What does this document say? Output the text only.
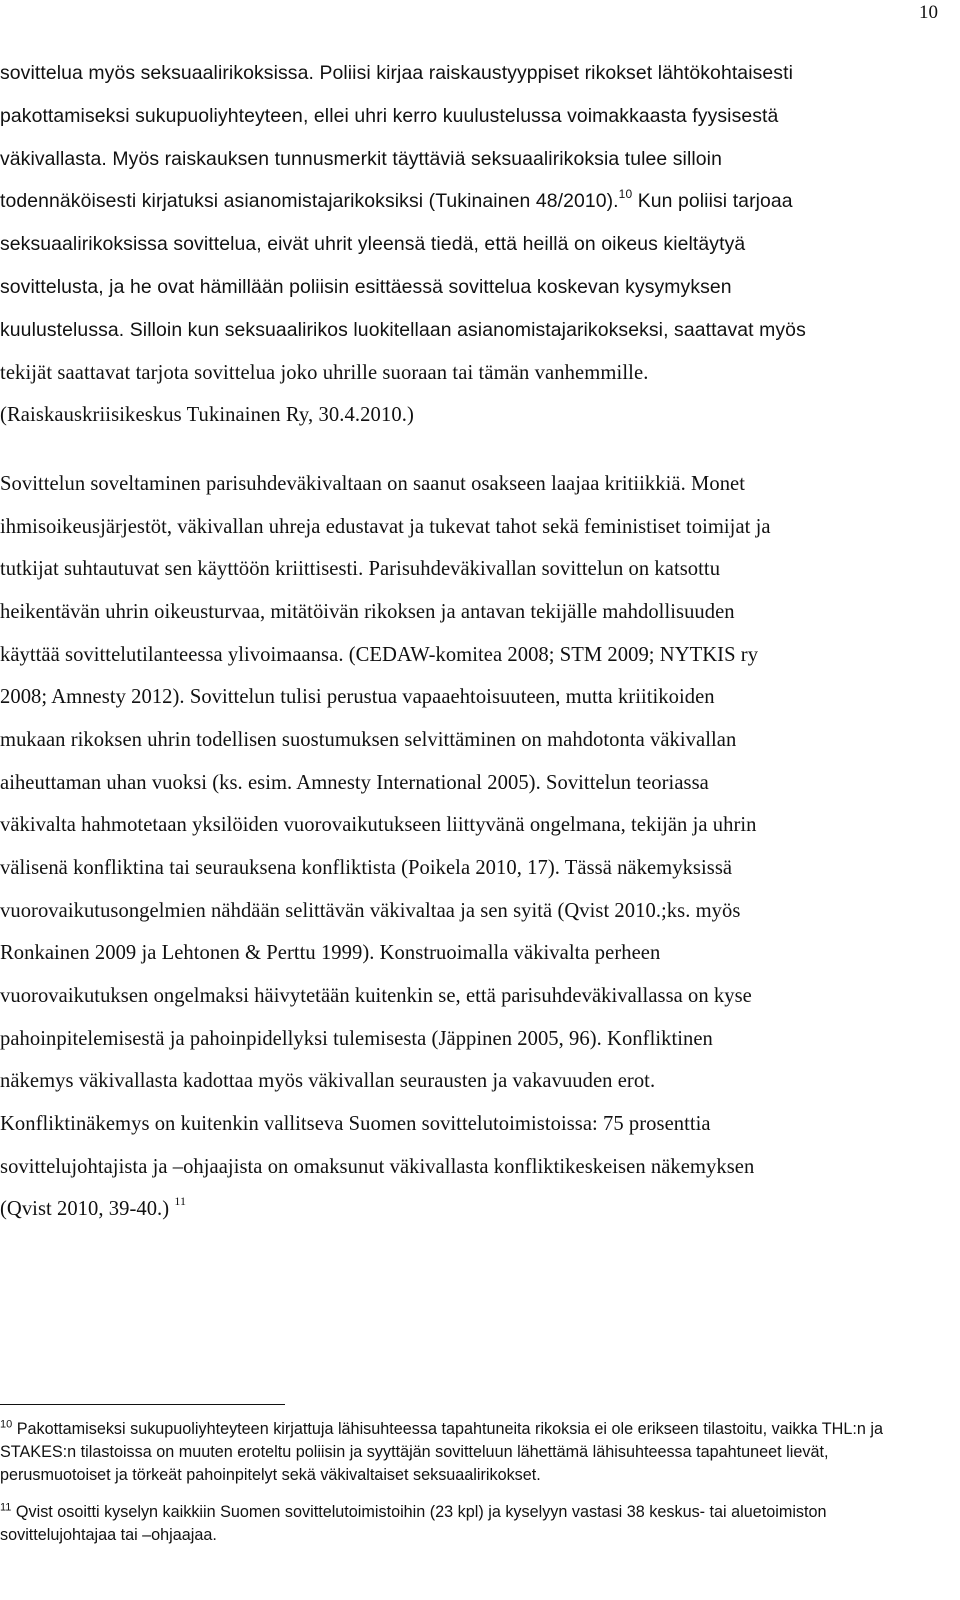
10
sovittelua myös seksuaalirikoksissa. Poliisi kirjaa raiskaustyyppiset rikokset lähtökohtaisesti
pakottamiseksi sukupuoliyhteyteen, ellei uhri kerro kuulustelussa voimakkaasta fyysisestä
väkivallasta. Myös raiskauksen tunnusmerkit täyttäviä seksuaalirikoksia tulee silloin
todennäköisesti kirjatuksi asianomistajarikoksiksi (Tukinainen 48/2010).$^{10}$ Kun poliisi tarjoaa
seksuaalirikoksissa sovittelua, eivät uhrit yleensä tiedä, että heillä on oikeus kieltäytyä
sovittelusta, ja he ovat hämillään poliisin esittäessä sovittelua koskevan kysymyksen
kuulustelussa. Silloin kun seksuaalirikos luokitellaan asianomistajarikokseksi, saattavat myös
tekijät saattavat tarjota sovittelua joko uhrille suoraan tai tämän vanhemmille.
(Raiskauskriisikeskus Tukinainen Ry, 30.4.2010.)
Sovittelun soveltaminen parisuhdeväkivaltaan on saanut osakseen laajaa kritiikkiä. Monet
ihmisoikeusjärjestöt, väkivallan uhreja edustavat ja tukevat tahot sekä feministiset toimijat ja
tutkijat suhtautuvat sen käyttöön kriittisesti. Parisuhdeväkivallan sovittelun on katsottu
heikentävän uhrin oikeusturvaa, mitätöivän rikoksen ja antavan tekijälle mahdollisuuden
käyttää sovittelutilanteessa ylivoimaansa. (CEDAW-komitea 2008; STM 2009; NYTKIS ry
2008; Amnesty 2012). Sovittelun tulisi perustua vapaaehtoisuuteen, mutta kriitikoiden
mukaan rikoksen uhrin todellisen suostumuksen selvittäminen on mahdotonta väkivallan
aiheuttaman uhan vuoksi (ks. esim. Amnesty International 2005). Sovittelun teoriassa
väkivalta hahmotetaan yksilöiden vuorovaikutukseen liittyvänä ongelmana, tekijän ja uhrin
välisenä konfliktina tai seurauksena konfliktista (Poikela 2010, 17). Tässä näkemyksissä
vuorovaikutusongelmien nähdään selittävän väkivaltaa ja sen syitä (Qvist 2010.;ks. myös
Ronkainen 2009 ja Lehtonen & Perttu 1999). Konstruoimalla väkivalta perheen
vuorovaikutuksen ongelmaksi häivytetään kuitenkin se, että parisuhdeväkivallassa on kyse
pahoinpitelemisestä ja pahoinpidellyksi tulemisesta (Jäppinen 2005, 96). Konfliktinen
näkemys väkivallasta kadottaa myös väkivallan seurausten ja vakavuuden erot.
Konfliktinäkemys on kuitenkin vallitseva Suomen sovittelutoimistoissa: 75 prosenttia
sovittelujohtajista ja –ohjaajista on omaksunut väkivallasta konfliktikeskeisen näkemyksen
(Qvist 2010, 39-40.) $^{11}$
$^{10}$ Pakottamiseksi sukupuoliyhteyteen kirjattuja lähisuhteessa tapahtuneita rikoksia ei ole erikseen tilastoitu, vaikka THL:n ja STAKES:n tilastoissa on muuten eroteltu poliisin ja syyttäjän sovitteluun lähettämä lähisuhteessa tapahtuneet lievät, perusmuotoiset ja törkeät pahoinpitelyt sekä väkivaltaiset seksuaalirikokset.
$^{11}$ Qvist osoitti kyselyn kaikkiin Suomen sovittelutoimistoihin (23 kpl) ja kyselyyn vastasi 38 keskus- tai aluetoimiston sovittelujohtajaa tai –ohjaajaa.
